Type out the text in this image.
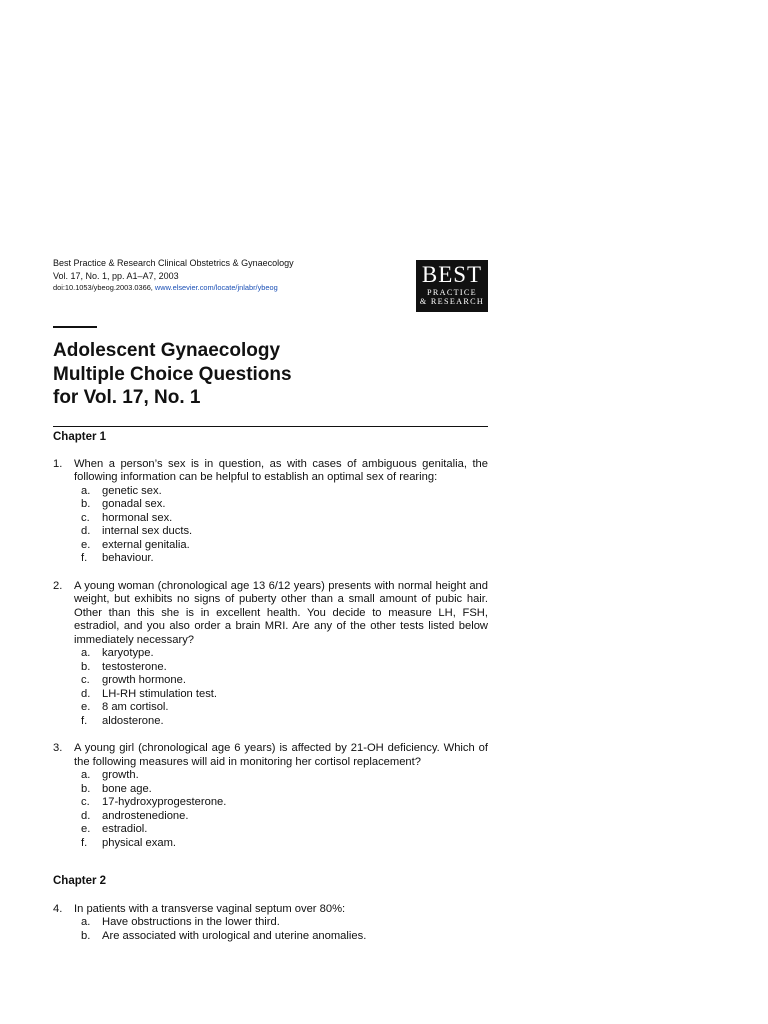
Best Practice & Research Clinical Obstetrics & Gynaecology
Vol. 17, No. 1, pp. A1–A7, 2003
doi:10.1053/ybeog.2003.0366, www.elsevier.com/locate/jnlabr/ybeog
BEST
PRACTICE
& RESEARCH
Adolescent Gynaecology
Multiple Choice Questions
for Vol. 17, No. 1
Chapter 1
1.	When a person’s sex is in question, as with cases of ambiguous genitalia, the following information can be helpful to establish an optimal sex of rearing:

a.	genetic sex.
b.	gonadal sex.
c.	hormonal sex.
d.	internal sex ducts.
e.	external genitalia.
f.	behaviour.
2.	A young woman (chronological age 13 6/12 years) presents with normal height and weight, but exhibits no signs of puberty other than a small amount of pubic hair. Other than this she is in excellent health. You decide to measure LH, FSH, estradiol, and you also order a brain MRI. Are any of the other tests listed below immediately necessary?

a.	karyotype.
b.	testosterone.
c.	growth hormone.
d.	LH-RH stimulation test.
e.	8 am cortisol.
f.	aldosterone.
3.	A young girl (chronological age 6 years) is affected by 21-OH deficiency. Which of the following measures will aid in monitoring her cortisol replacement?

a.	growth.
b.	bone age.
c.	17-hydroxyprogesterone.
d.	androstenedione.
e.	estradiol.
f.	physical exam.
Chapter 2
4.	In patients with a transverse vaginal septum over 80%:

a.	Have obstructions in the lower third.
b.	Are associated with urological and uterine anomalies.
